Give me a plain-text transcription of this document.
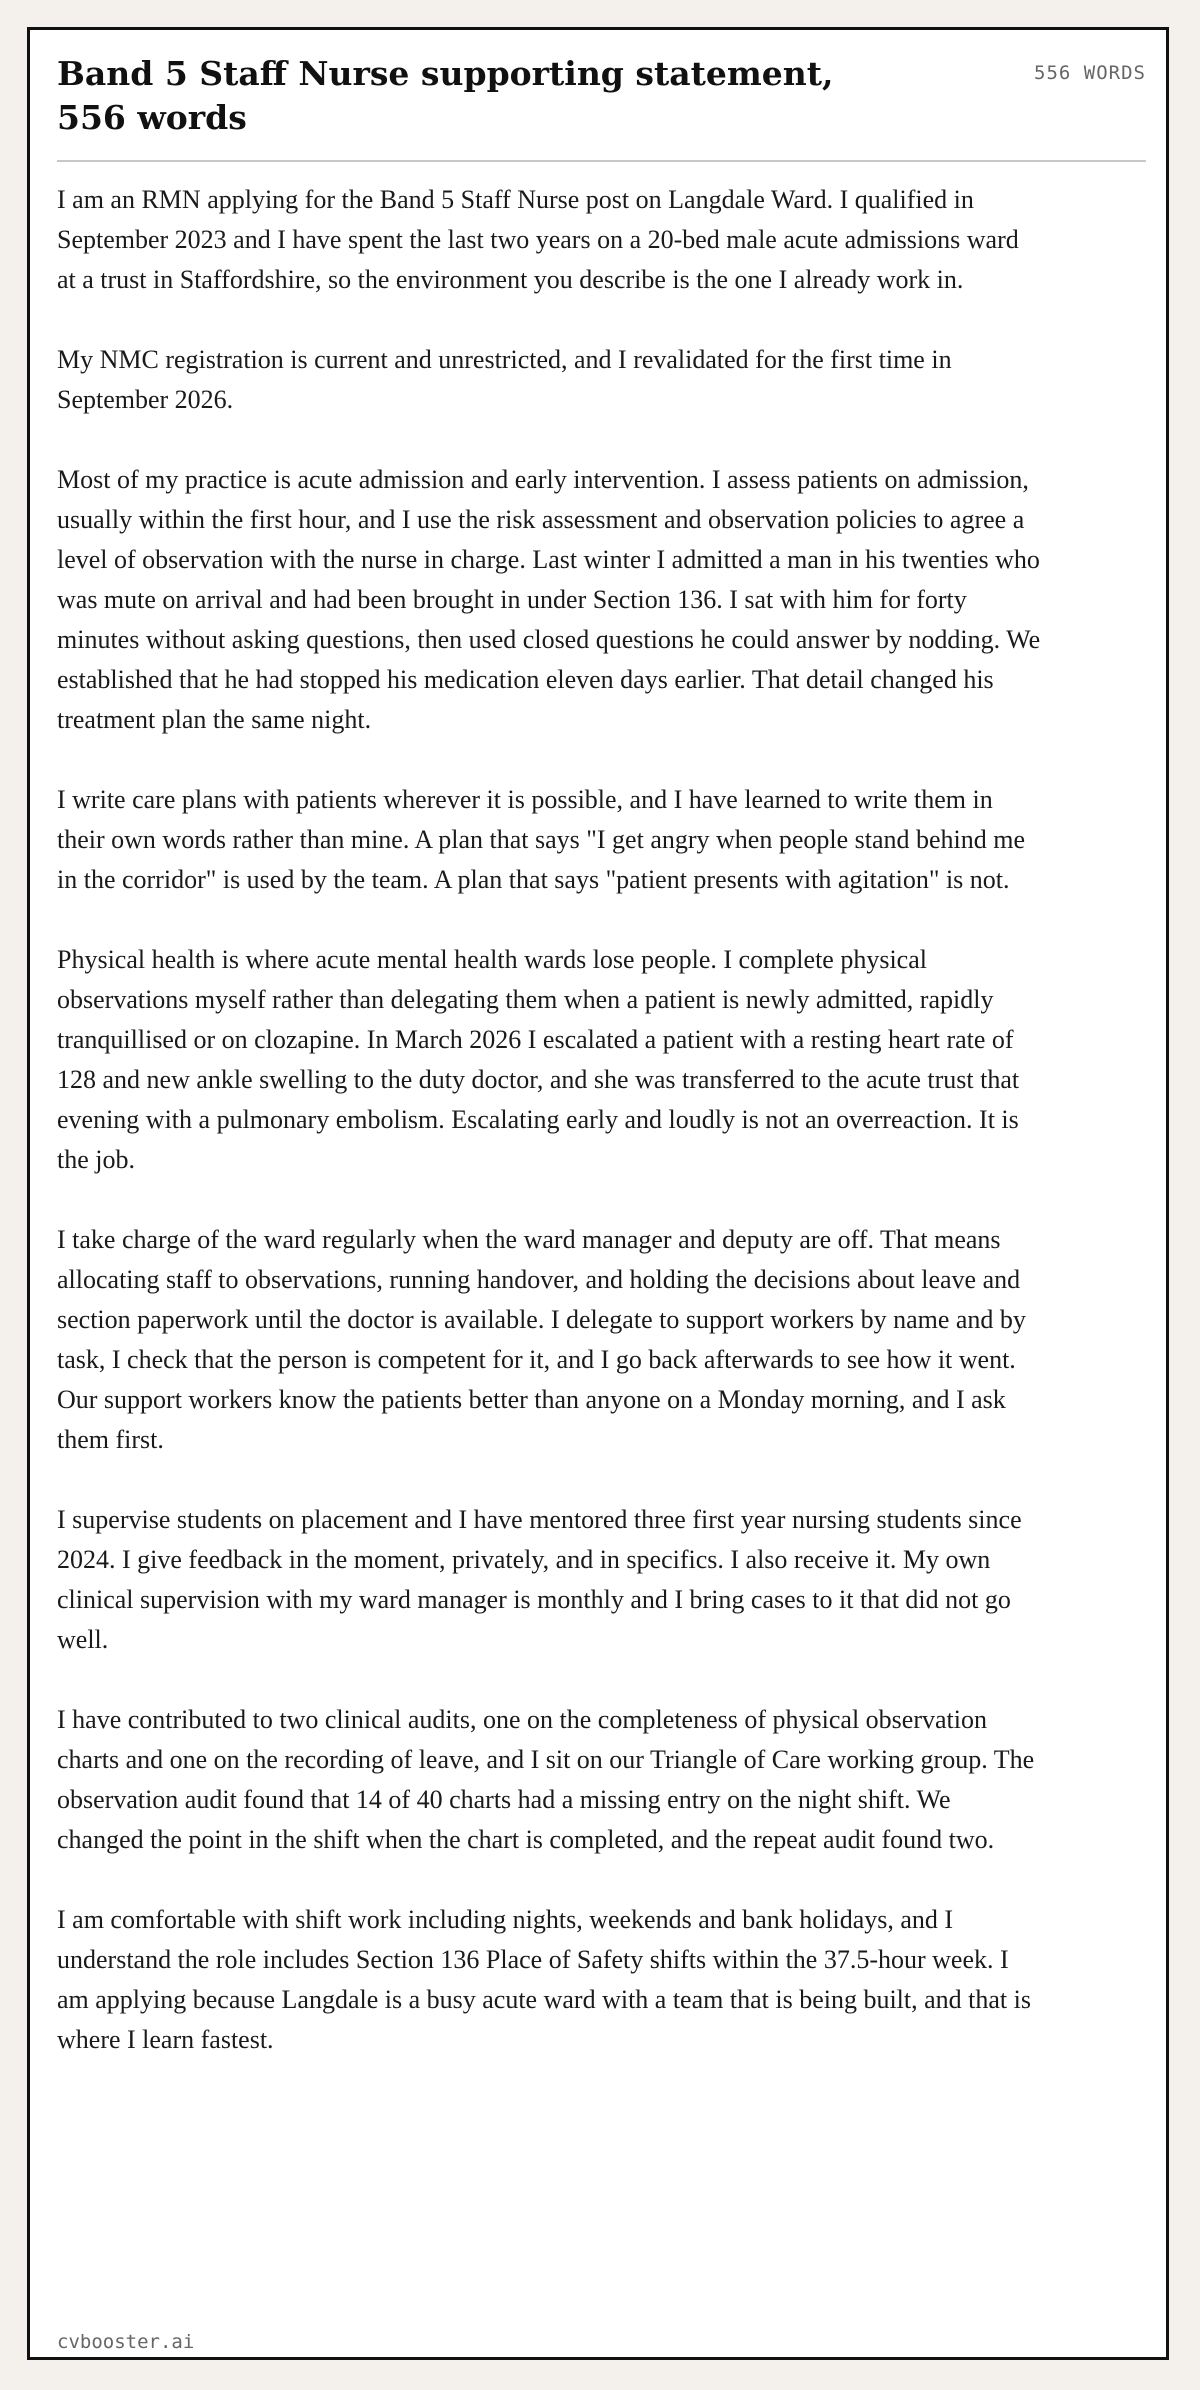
Band 5 Staff Nurse supporting statement, 556 words
556 WORDS

I am an RMN applying for the Band 5 Staff Nurse post on Langdale Ward. I qualified in September 2023 and I have spent the last two years on a 20-bed male acute admissions ward at a trust in Staffordshire, so the environment you describe is the one I already work in.

My NMC registration is current and unrestricted, and I revalidated for the first time in September 2026.

Most of my practice is acute admission and early intervention. I assess patients on admission, usually within the first hour, and I use the risk assessment and observation policies to agree a level of observation with the nurse in charge. Last winter I admitted a man in his twenties who was mute on arrival and had been brought in under Section 136. I sat with him for forty minutes without asking questions, then used closed questions he could answer by nodding. We established that he had stopped his medication eleven days earlier. That detail changed his treatment plan the same night.

I write care plans with patients wherever it is possible, and I have learned to write them in their own words rather than mine. A plan that says "I get angry when people stand behind me in the corridor" is used by the team. A plan that says "patient presents with agitation" is not.

Physical health is where acute mental health wards lose people. I complete physical observations myself rather than delegating them when a patient is newly admitted, rapidly tranquillised or on clozapine. In March 2026 I escalated a patient with a resting heart rate of 128 and new ankle swelling to the duty doctor, and she was transferred to the acute trust that evening with a pulmonary embolism. Escalating early and loudly is not an overreaction. It is the job.

I take charge of the ward regularly when the ward manager and deputy are off. That means allocating staff to observations, running handover, and holding the decisions about leave and section paperwork until the doctor is available. I delegate to support workers by name and by task, I check that the person is competent for it, and I go back afterwards to see how it went. Our support workers know the patients better than anyone on a Monday morning, and I ask them first.

I supervise students on placement and I have mentored three first year nursing students since 2024. I give feedback in the moment, privately, and in specifics. I also receive it. My own clinical supervision with my ward manager is monthly and I bring cases to it that did not go well.

I have contributed to two clinical audits, one on the completeness of physical observation charts and one on the recording of leave, and I sit on our Triangle of Care working group. The observation audit found that 14 of 40 charts had a missing entry on the night shift. We changed the point in the shift when the chart is completed, and the repeat audit found two.

I am comfortable with shift work including nights, weekends and bank holidays, and I understand the role includes Section 136 Place of Safety shifts within the 37.5-hour week. I am applying because Langdale is a busy acute ward with a team that is being built, and that is where I learn fastest.

cvbooster.ai
